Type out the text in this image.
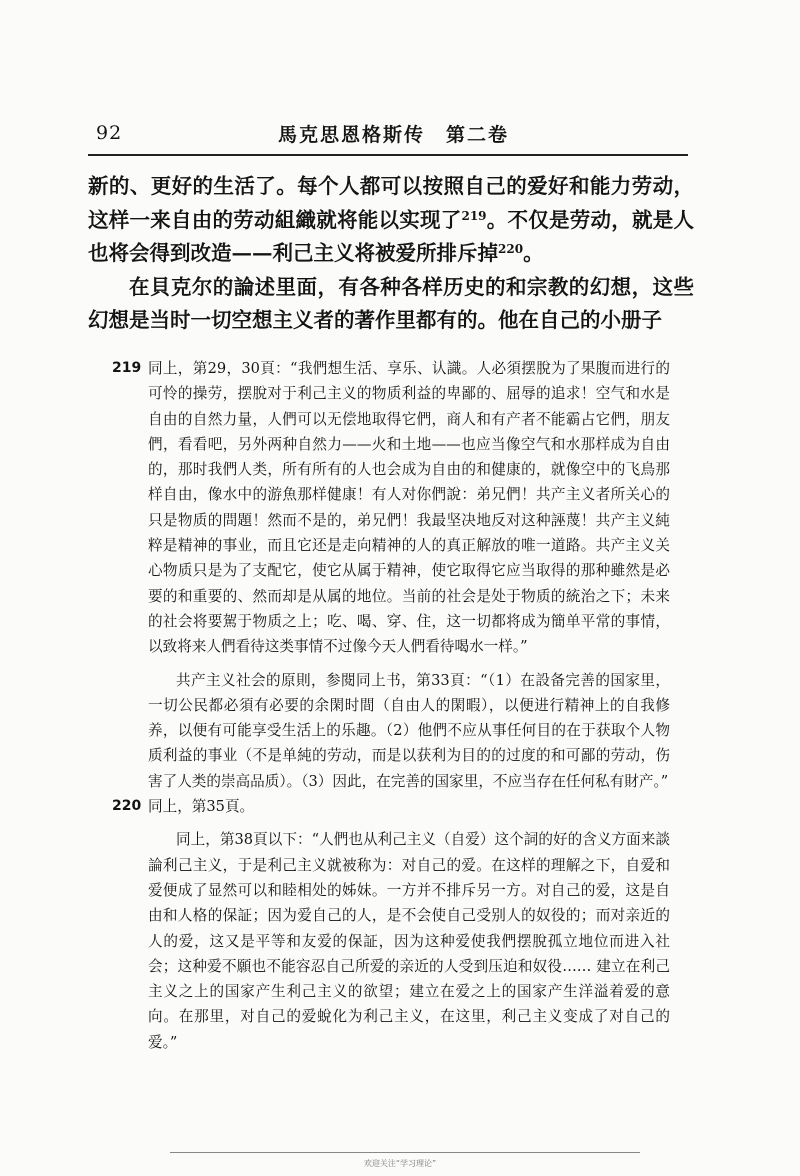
92	馬克思恩格斯传　第二卷

新的、更好的生活了。每个人都可以按照自己的爱好和能力劳动，这样一来自由的劳动組織就将能以实现了$^{219}$。不仅是劳动，就是人也将会得到改造——利己主义将被爱所排斥掉$^{220}$。

在貝克尔的論述里面，有各种各样历史的和宗教的幻想，这些幻想是当时一切空想主义者的著作里都有的。他在自己的小册子

219 同上，第29，30頁：“我們想生活、享乐、认識。人必須摆脫为了果腹而进行的可怜的操劳，摆脫对于利己主义的物质利益的卑鄙的、屈辱的追求！空气和水是自由的自然力量，人們可以无偿地取得它們，商人和有产者不能霸占它們，朋友們，看看吧，另外两种自然力——火和土地——也应当像空气和水那样成为自由的，那时我們人类，所有所有的人也会成为自由的和健康的，就像空中的飞鳥那样自由，像水中的游魚那样健康！有人对你們說：弟兄們！共产主义者所关心的只是物质的問題！然而不是的，弟兄們！我最坚决地反对这种誣蔑！共产主义純粹是精神的事业，而且它还是走向精神的人的真正解放的唯一道路。共产主义关心物质只是为了支配它，使它从属于精神，使它取得它应当取得的那种雖然是必要的和重要的、然而却是从属的地位。当前的社会是处于物质的統治之下；未来的社会将要駕于物质之上；吃、喝、穿、住，这一切都将成为簡单平常的事情，以致将来人們看待这类事情不过像今天人們看待喝水一样。”

共产主义社会的原則，参閱同上书，第33頁：“（1）在設备完善的国家里，一切公民都必須有必要的余閑时間（自由人的閑暇），以便进行精神上的自我修养，以便有可能享受生活上的乐趣。（2）他們不应从事任何目的在于获取个人物质利益的事业（不是单純的劳动，而是以获利为目的的过度的和可鄙的劳动，伤害了人类的崇高品质）。（3）因此，在完善的国家里，不应当存在任何私有財产。”

220 同上，第35頁。

同上，第38頁以下：“人們也从利己主义（自爱）这个詞的好的含义方面来談論利己主义，于是利己主义就被称为：对自己的爱。在这样的理解之下，自爱和爱便成了显然可以和睦相处的姊妹。一方并不排斥另一方。对自己的爱，这是自由和人格的保証；因为爱自己的人，是不会使自己受别人的奴役的；而对亲近的人的爱，这又是平等和友爱的保証，因为这种爱使我們摆脫孤立地位而进入社会；这种爱不願也不能容忍自己所爱的亲近的人受到压迫和奴役…… 建立在利己主义之上的国家产生利己主义的欲望；建立在爱之上的国家产生洋溢着爱的意向。在那里，对自己的爱蛻化为利己主义，在这里，利己主义变成了对自己的爱。”

欢迎关注“学习理论”
